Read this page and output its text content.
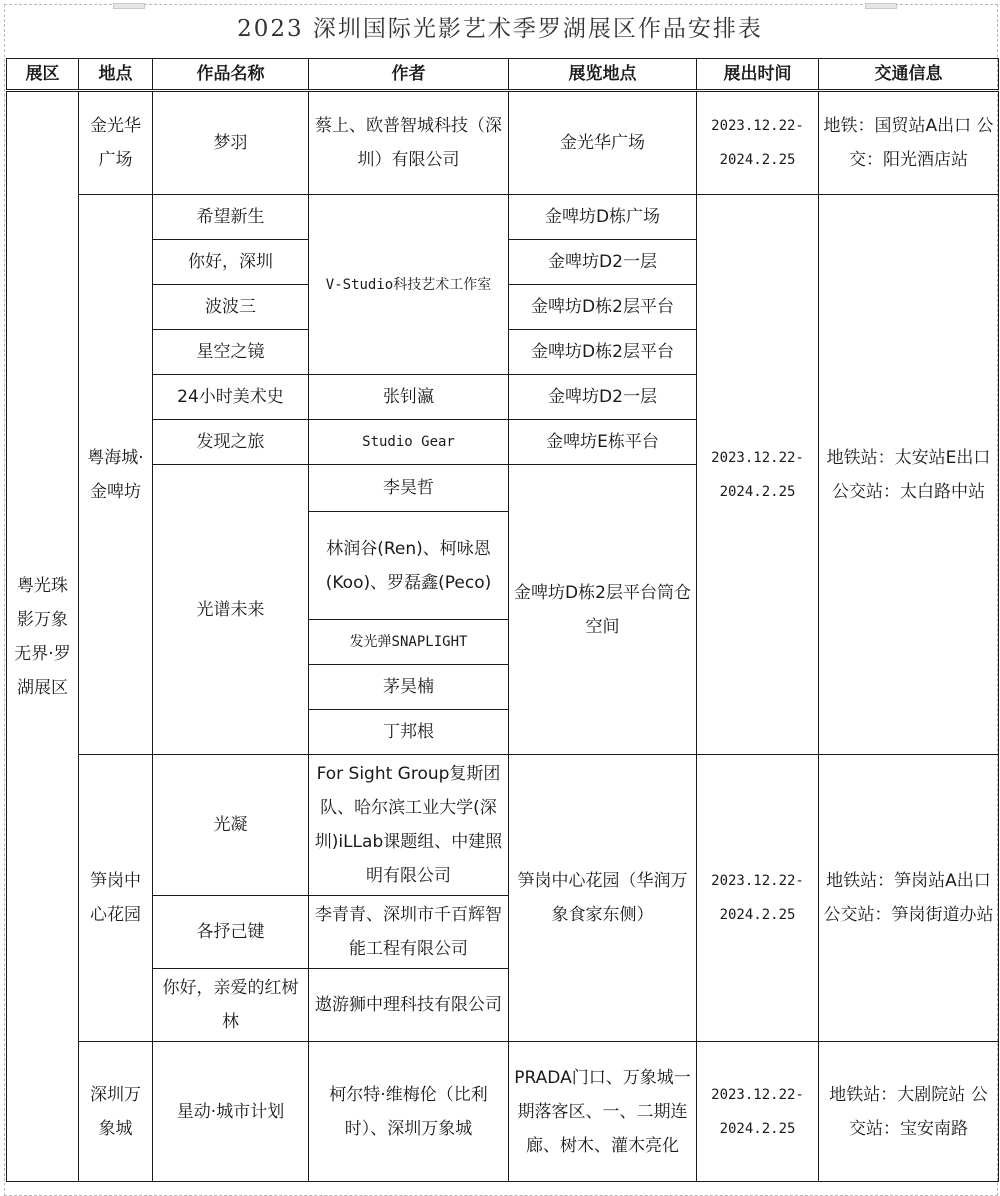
2023 深圳国际光影艺术季罗湖展区作品安排表
展区	地点	作品名称	作者	展览地点	展出时间	交通信息
粤光珠影万象无界·罗湖展区	金光华广场	梦羽	蔡上、欧普智城科技（深圳）有限公司	金光华广场	2023.12.22-2024.2.25	地铁：国贸站A出口 公交：阳光酒店站
	粤海城·金啤坊	希望新生	V-Studio科技艺术工作室	金啤坊D栋广场	2023.12.22-2024.2.25	地铁站：太安站E出口 公交站：太白路中站
		你好，深圳		金啤坊D2一层		
		波波三		金啤坊D栋2层平台		
		星空之镜		金啤坊D栋2层平台		
		24小时美术史	张钊瀛	金啤坊D2一层		
		发现之旅	Studio Gear	金啤坊E栋平台		
		光谱未来	李昊哲	金啤坊D栋2层平台筒仓空间		
			林润谷(Ren)、柯咏恩(Koo)、罗磊鑫(Peco)			
			发光弹SNAPLIGHT			
			茅昊楠			
			丁邦根			
	笋岗中心花园	光凝	For Sight Group复斯团队、哈尔滨工业大学(深圳)iLLab课题组、中建照明有限公司	笋岗中心花园（华润万象食家东侧）	2023.12.22-2024.2.25	地铁站：笋岗站A出口 公交站：笋岗街道办站
		各抒己键	李青青、深圳市千百辉智能工程有限公司			
		你好，亲爱的红树林	遨游狮中理科技有限公司			
	深圳万象城	星动·城市计划	柯尔特·维梅伦（比利时）、深圳万象城	PRADA门口、万象城一期落客区、一、二期连廊、树木、灌木亮化	2023.12.22-2024.2.25	地铁站：大剧院站 公交站：宝安南路
